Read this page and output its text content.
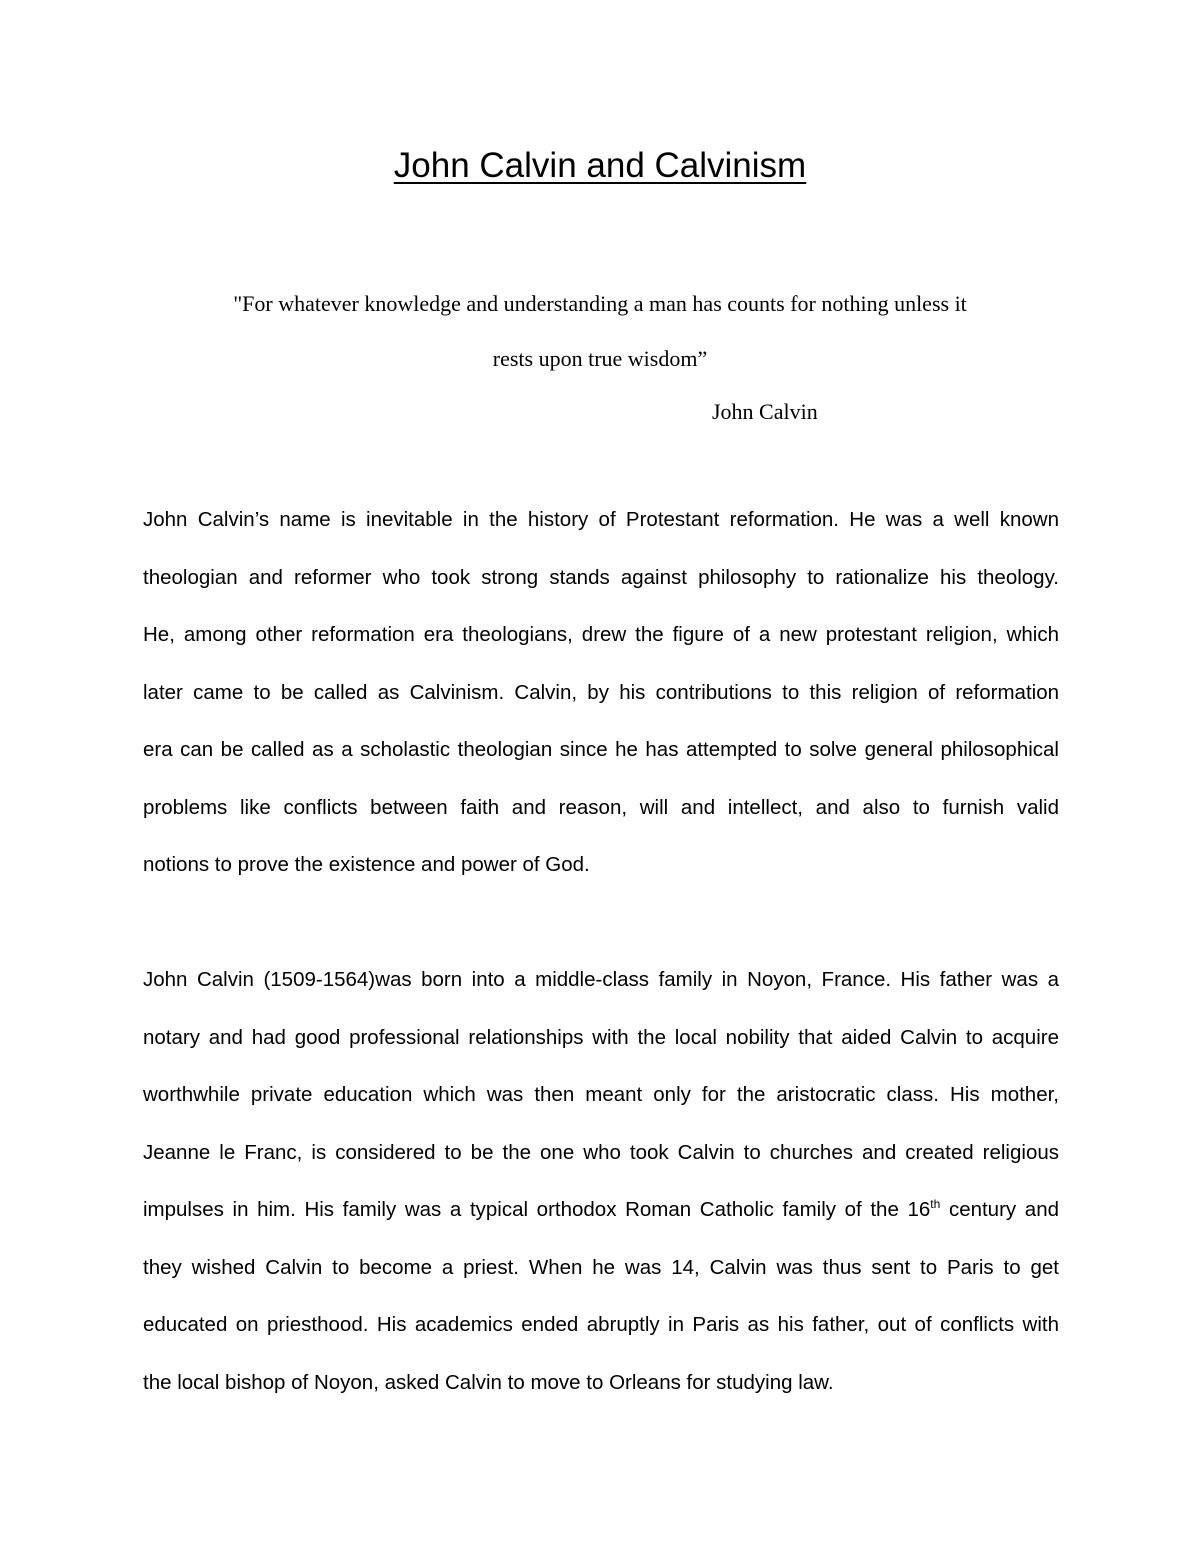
John Calvin and Calvinism
"For whatever knowledge and understanding a man has counts for nothing unless it
rests upon true wisdom”
John Calvin
John Calvin’s name is inevitable in the history of Protestant reformation. He was a well known
theologian and reformer who took strong stands against philosophy to rationalize his theology.
He, among other reformation era theologians, drew the figure of a new protestant religion, which
later came to be called as Calvinism. Calvin, by his contributions to this religion of reformation
era can be called as a scholastic theologian since he has attempted to solve general philosophical
problems like conflicts between faith and reason, will and intellect, and also to furnish valid
notions to prove the existence and power of God.
John Calvin (1509-1564)was born into a middle-class family in Noyon, France. His father was a
notary and had good professional relationships with the local nobility that aided Calvin to acquire
worthwhile private education which was then meant only for the aristocratic class. His mother,
Jeanne le Franc, is considered to be the one who took Calvin to churches and created religious
impulses in him. His family was a typical orthodox Roman Catholic family of the 16th century and
they wished Calvin to become a priest. When he was 14, Calvin was thus sent to Paris to get
educated on priesthood. His academics ended abruptly in Paris as his father, out of conflicts with
the local bishop of Noyon, asked Calvin to move to Orleans for studying law.
